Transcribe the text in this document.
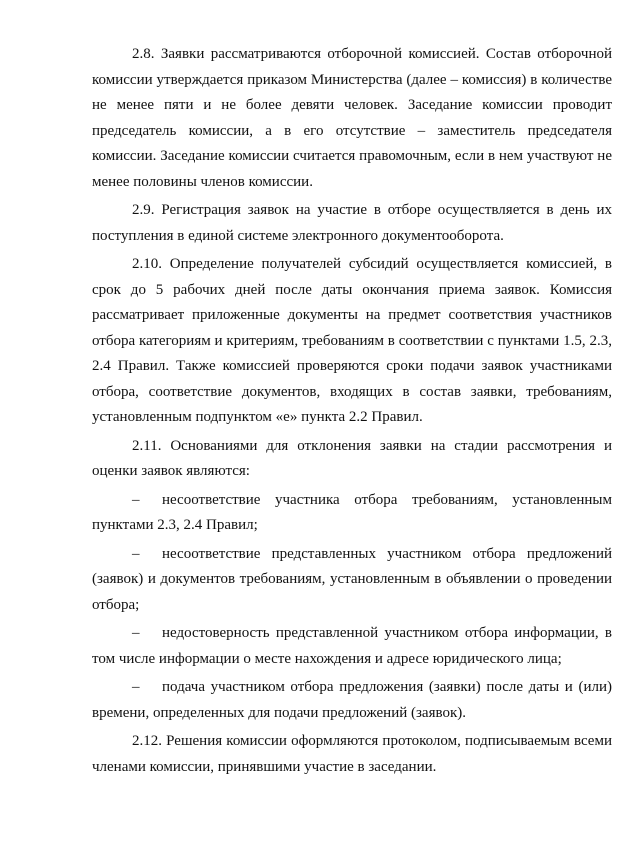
2.8. Заявки рассматриваются отборочной комиссией. Состав отборочной комиссии утверждается приказом Министерства (далее – комиссия) в количестве не менее пяти и не более девяти человек. Заседание комиссии проводит председатель комиссии, а в его отсутствие – заместитель председателя комиссии. Заседание комиссии считается правомочным, если в нем участвуют не менее половины членов комиссии.

2.9. Регистрация заявок на участие в отборе осуществляется в день их поступления в единой системе электронного документооборота.

2.10. Определение получателей субсидий осуществляется комиссией, в срок до 5 рабочих дней после даты окончания приема заявок. Комиссия рассматривает приложенные документы на предмет соответствия участников отбора категориям и критериям, требованиям в соответствии с пунктами 1.5, 2.3, 2.4 Правил. Также комиссией проверяются сроки подачи заявок участниками отбора, соответствие документов, входящих в состав заявки, требованиям, установленным подпунктом «е» пункта 2.2 Правил.

2.11. Основаниями для отклонения заявки на стадии рассмотрения и оценки заявок являются:

– несоответствие участника отбора требованиям, установленным пунктами 2.3, 2.4 Правил;

– несоответствие представленных участником отбора предложений (заявок) и документов требованиям, установленным в объявлении о проведении отбора;

– недостоверность представленной участником отбора информации, в том числе информации о месте нахождения и адресе юридического лица;

– подача участником отбора предложения (заявки) после даты и (или) времени, определенных для подачи предложений (заявок).

2.12. Решения комиссии оформляются протоколом, подписываемым всеми членами комиссии, принявшими участие в заседании.
